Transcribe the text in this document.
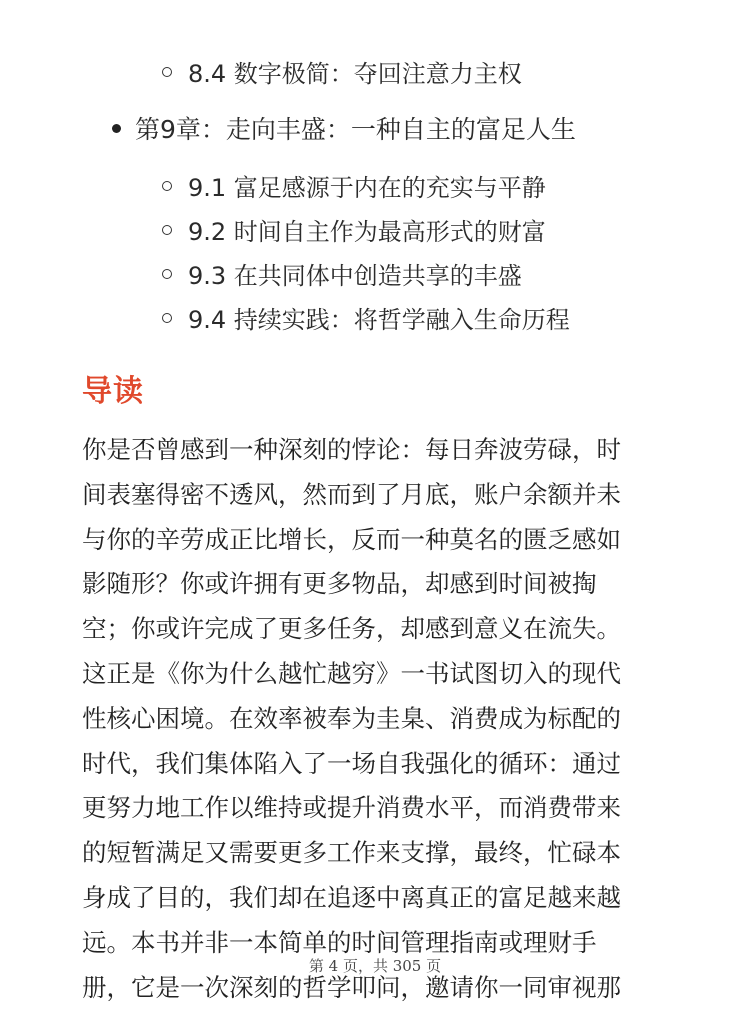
8.4 数字极简：夺回注意力主权
第9章：走向丰盛：一种自主的富足人生
9.1 富足感源于内在的充实与平静
9.2 时间自主作为最高形式的财富
9.3 在共同体中创造共享的丰盛
9.4 持续实践：将哲学融入生命历程
导读
你是否曾感到一种深刻的悖论：每日奔波劳碌，时
间表塞得密不透风，然而到了月底，账户余额并未
与你的辛劳成正比增长，反而一种莫名的匮乏感如
影随形？你或许拥有更多物品，却感到时间被掏
空；你或许完成了更多任务，却感到意义在流失。
这正是《你为什么越忙越穷》一书试图切入的现代
性核心困境。在效率被奉为圭臬、消费成为标配的
时代，我们集体陷入了一场自我强化的循环：通过
更努力地工作以维持或提升消费水平，而消费带来
的短暂满足又需要更多工作来支撑，最终，忙碌本
身成了目的，我们却在追逐中离真正的富足越来越
远。本书并非一本简单的时间管理指南或理财手
册，它是一次深刻的哲学叩问，邀请你一同审视那
第 4 页，共 305 页
